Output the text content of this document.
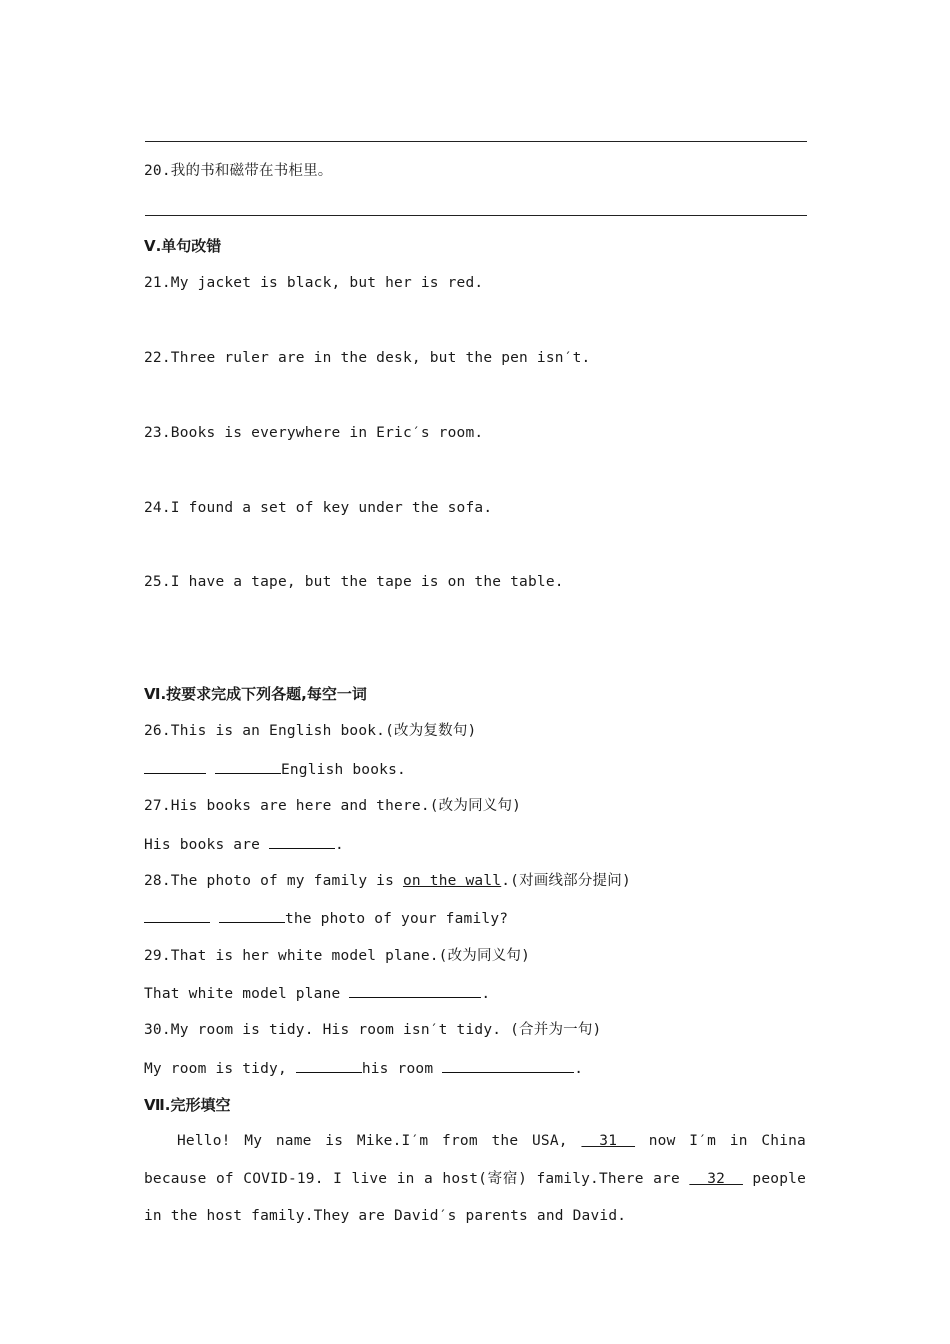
20.我的书和磁带在书柜里。
Ⅴ.单句改错
21.My jacket is black, but her is red.
22.Three ruler are in the desk, but the pen isn′t.
23.Books is everywhere in Eric′s room.
24.I found a set of key under the sofa.
25.I have a tape, but the tape is on the table.
Ⅵ.按要求完成下列各题,每空一词
26.This is an English book.(改为复数句)
English books.
27.His books are here and there.(改为同义句)
His books are	.
28.The photo of my family is on the wall.(对画线部分提问)
the photo of your family?
29.That is her white model plane.(改为同义句)
That white model plane	.
30.My room is tidy. His room isn′t tidy. (合并为一句)
My room is tidy,	his room	.
Ⅶ.完形填空
Hello! My name is Mike.I′m from the USA,   31   now I′m in China because of COVID-19. I live in a host(寄宿) family.There are   32   people in the host family.They are David′s parents and David.
